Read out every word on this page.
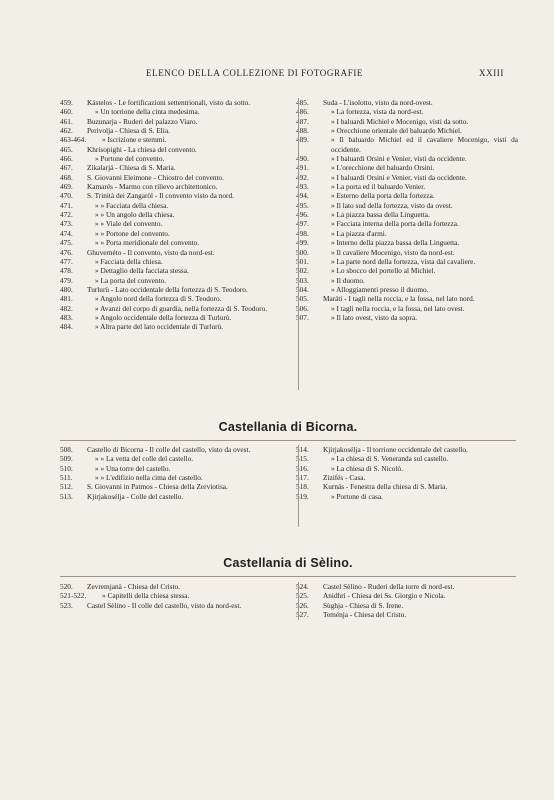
ELENCO DELLA COLLEZIONE DI FOTOGRAFIE	XXIII
459.	Kástelos - Le fortificazioni settentrionali, visto da sotto.
460.	» Un torrione della cinta medesima.
461.	Buzunarja - Ruderi del palazzo Viaro.
462.	Perivolja - Chiesa di S. Elia.
463-464.	» Iscrizione e stemmi.
465.	Khrisopighi - La chiesa del convento.
466.	» Portone del convento.
467.	Zikalarjá - Chiesa di S. Maria.
468.	S. Giovanni Eleimone - Chiostro del convento.
469.	Kamarés - Marmo con rilievo architettonico.
470.	S. Trinità dei Zangaròl - Il convento visto da nord.
471.	» » Facciata della chiesa.
472.	» » Un angolo della chiesa.
473.	» » Viale del convento.
474.	» » Portone del convento.
475.	» » Porta meridionale del convento.
476.	Ghuvernéto - Il convento, visto da nord-est.
477.	» Facciata della chiesa.
478.	» Dettaglio della facciata stessa.
479.	» La porta del convento.
480.	Turlurù - Lato occidentale della fortezza di S. Teodoro.
481.	» Angolo nord della fortezza di S. Teodoro.
482.	» Avanzi del corpo di guardia, nella fortezza di S. Teodoro.
483.	» Angolo occidentale della fortezza di Turlurù.
484.	» Altra parte del lato occidentale di Turlurù.
485.	Suda - L'isolotto, visto da nord-ovest.
486.	» La fortezza, vista da nord-est.
487.	» I baluardi Michiel e Mocenigo, visti da sotto.
488.	» Orecchione orientale del baluardo Michiel.
489.	» Il baluardo Michiel ed il cavaliere Mocenigo, visti da occidente.
490.	» I baluardi Orsini e Venier, visti da occidente.
491.	» L'orecchione del baluardo Orsini.
492.	» I baluardi Orsini e Venier, visti da occidente.
493.	» La porta ed il baluardo Venier.
494.	» Esterno della porta della fortezza.
495.	» Il lato sud della fortezza, visto da ovest.
496.	» La piazza bassa della Linguetta.
497.	» Facciata interna della porta della fortezza.
498.	» La piazza d'armi.
499.	» Interno della piazza bassa della Linguetta.
500.	» Il cavaliere Mocenigo, visto da nord-est.
501.	» La parte nord della fortezza, vista dal cavaliere.
502.	» Lo sbocco del portello al Michiel.
503.	» Il duomo.
504.	» Alloggiamenti presso il duomo.
505.	Maráti - I tagli nella roccia, e la fossa, nel lato nord.
506.	» I tagli nella roccia, e la fossa, nel lato ovest.
507.	» Il lato ovest, visto da sopra.
Castellania di Bicorna.
508.	Castello di Bicorna - Il colle del castello, visto da ovest.
509.	» » La vetta del colle del castello.
510.	» » Una torre del castello.
511.	» » L'edifizio nella cima del castello.
512.	S. Giovanni in Patmos - Chiesa della Zerviotisa.
513.	Kjirjakosélja - Colle del castello.
514.	Kjirjakosélja - Il torrione occidentale del castello.
515.	» La chiesa di S. Veneranda sul castello.
516.	» La chiesa di S. Nicolò.
517.	Zizifés - Casa.
518.	Kurnás - Fenestra della chiesa di S. Maria.
519.	» Portone di casa.
Castellania di Sèlino.
520.	Zevremjanà - Chiesa del Cristo.
521-522.	» Capitelli della chiesa stessa.
523.	Castel Sèlino - Il colle del castello, visto da nord-est.
524.	Castel Sèlino - Ruderi della torre di nord-est.
525.	Anidhri - Chiesa dei Ss. Giorgio e Nicola.
526.	Sùghja - Chiesa di S. Irene.
527.	Teménja - Chiesa del Cristo.
